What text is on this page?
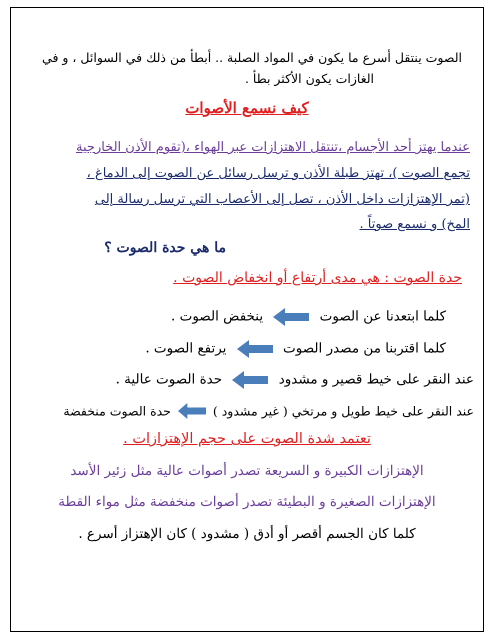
الصوت ينتقل أسرع ما يكون في المواد الصلبة .. أبطأ من ذلك في السوائل ، و في
الغازات يكون الأكثر بطأ .
كيف نسمع الأصوات
عندما يهتز أحد الأجسام ،تنتقل الاهتزازات عبر الهواء ،(تقوم الأذن الخارجية
تجمع الصوت )، تهتز طبلة الأذن و ترسل رسائل عن الصوت إلى الدماغ ،
(تمر الإهتزازات داخل الأذن ، تصل إلى الأعصاب التي ترسل رسالة إلى
المخ) و نسمع صوتاً .
ما هي حدة الصوت ؟
حدة الصوت : هي مدى أرتفاع أو انخفاض الصوت .
كلما ابتعدنا عن الصوت
ينخفض الصوت .
كلما اقتربنا من مصدر الصوت
يرتفع الصوت .
عند النقر على خيط قصير و مشدود
حدة الصوت عالية .
عند النقر على خيط طويل و مرتخي ( غير مشدود )
حدة الصوت منخفضة
تعتمد شدة الصوت على حجم الإهتزازات .
الإهتزازات الكبيرة و السريعة تصدر أصوات عالية مثل زئير الأسد
الإهتزازات الصغيرة و البطيئة تصدر أصوات منخفضة مثل مواء القطة
كلما كان الجسم أقصر أو أدق ( مشدود ) كان الإهتزاز أسرع .
